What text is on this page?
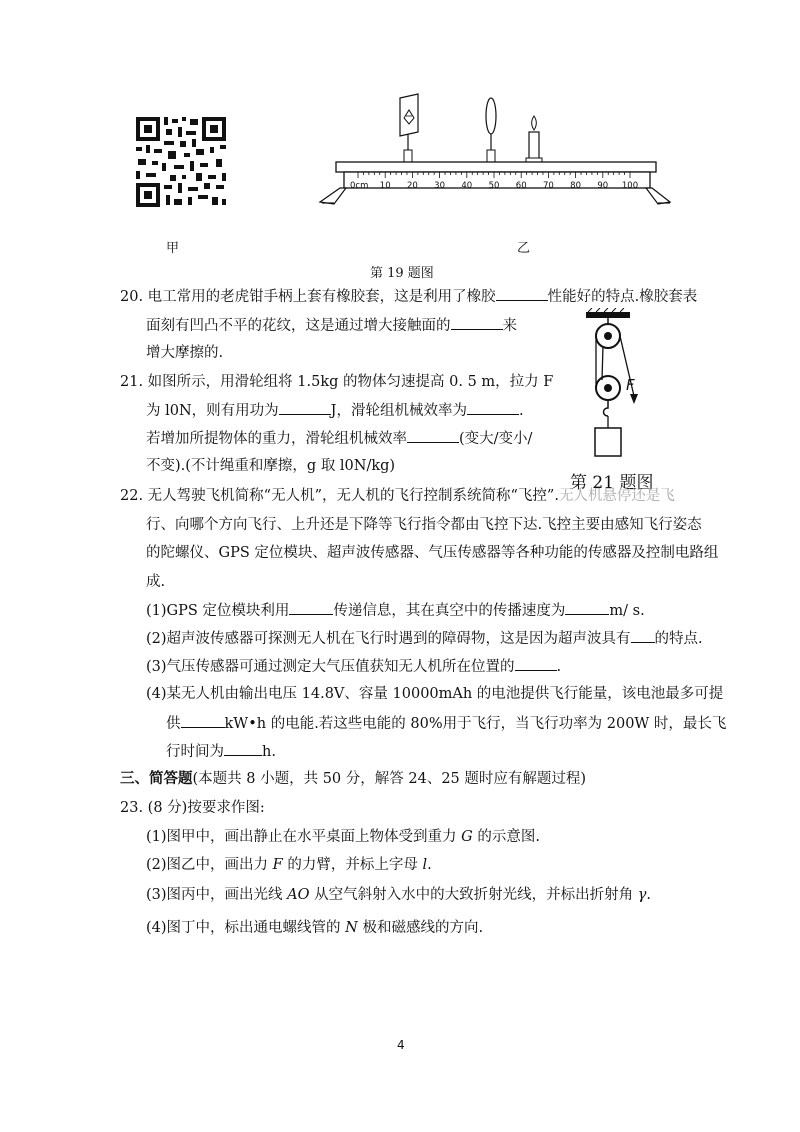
0cm 10 20 30 40 50 60 70 80 90 100
甲	乙
第 19 题图
F
第 21 题图
20. 电工常用的老虎钳手柄上套有橡胶套，这是利用了橡胶	性能好的特点.橡胶套表
面刻有凹凸不平的花纹，这是通过增大接触面的	来
增大摩擦的.
21. 如图所示，用滑轮组将 1.5kg 的物体匀速提高 0. 5 m，拉力 F
为 l0N，则有用功为	J，滑轮组机械效率为	.
若增加所提物体的重力，滑轮组机械效率	(变大/变小/
不变).(不计绳重和摩擦，g 取 l0N/kg)
22. 无人驾驶飞机简称“无人机”，无人机的飞行控制系统简称“飞控”.无人机悬停还是飞
行、向哪个方向飞行、上升还是下降等飞行指令都由飞控下达.飞控主要由感知飞行姿态
的陀螺仪、GPS 定位模块、超声波传感器、气压传感器等各种功能的传感器及控制电路组
成.
(1)GPS 定位模块利用	传递信息，其在真空中的传播速度为	m/ s.
(2)超声波传感器可探测无人机在飞行时遇到的障碍物，这是因为超声波具有 的特点.
(3)气压传感器可通过测定大气压值获知无人机所在位置的	.
(4)某无人机由输出电压 14.8V、容量 10000mAh 的电池提供飞行能量，该电池最多可提
供	kW•h 的电能.若这些电能的 80%用于飞行，当飞行功率为 200W 时，最长飞
行时间为	h.
三、简答题(本题共 8 小题，共 50 分，解答 24、25 题时应有解题过程)
23. (8 分)按要求作图:
(1)图甲中，画出静止在水平桌面上物体受到重力 G 的示意图.
(2)图乙中，画出力 F 的力臂，并标上字母 l.
(3)图丙中，画出光线 AO 从空气斜射入水中的大致折射光线，并标出折射角 γ.
(4)图丁中，标出通电螺线管的 N 极和磁感线的方向.
4
